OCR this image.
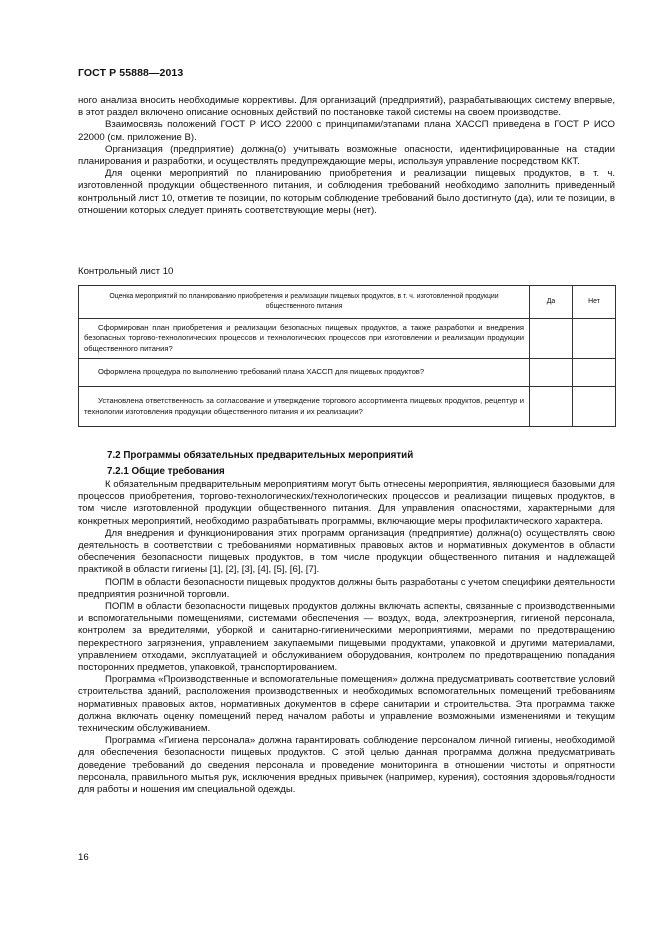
ГОСТ Р 55888—2013

ного анализа вносить необходимые коррективы. Для организаций (предприятий), разрабатывающих систему впервые, в этот раздел включено описание основных действий по постановке такой системы на своем производстве.

Взаимосвязь положений ГОСТ Р ИСО 22000 с принципами/этапами плана ХАССП приведена в ГОСТ Р ИСО 22000 (см. приложение В).

Организация (предприятие) должна(о) учитывать возможные опасности, идентифицированные на стадии планирования и разработки, и осуществлять предупреждающие меры, используя управление посредством ККТ.

Для оценки мероприятий по планированию приобретения и реализации пищевых продуктов, в т. ч. изготовленной продукции общественного питания, и соблюдения требований необходимо заполнить приведенный контрольный лист 10, отметив те позиции, по которым соблюдение требований было достигнуто (да), или те позиции, в отношении которых следует принять соответствующие меры (нет).

Контрольный лист 10
Оценка мероприятий по планированию приобретения и реализации пищевых продуктов, в т. ч. изготовленной продукции общественного питания	Да	Нет
Сформирован план приобретения и реализации безопасных пищевых продуктов, а также разработки и внедрения безопасных торгово-технологических процессов и технологических процессов при изготовлении и реализации продукции общественного питания?		
Оформлена процедура по выполнению требований плана ХАССП для пищевых продуктов?		
Установлена ответственность за согласование и утверждение торгового ассортимента пищевых продуктов, рецептур и технологии изготовления продукции общественного питания и их реализации?		
7.2 Программы обязательных предварительных мероприятий
7.2.1 Общие требования

К обязательным предварительным мероприятиям могут быть отнесены мероприятия, являющиеся базовыми для процессов приобретения, торгово-технологических/технологических процессов и реализации пищевых продуктов, в том числе изготовленной продукции общественного питания. Для управления опасностями, характерными для конкретных мероприятий, необходимо разрабатывать программы, включающие меры профилактического характера.

Для внедрения и функционирования этих программ организация (предприятие) должна(о) осуществлять свою деятельность в соответствии с требованиями нормативных правовых актов и нормативных документов в области обеспечения безопасности пищевых продуктов, в том числе продукции общественного питания и надлежащей практикой в области гигиены [1], [2], [3], [4], [5], [6], [7].

ПОПМ в области безопасности пищевых продуктов должны быть разработаны с учетом специфики деятельности предприятия розничной торговли.

ПОПМ в области безопасности пищевых продуктов должны включать аспекты, связанные с производственными и вспомогательными помещениями, системами обеспечения — воздух, вода, электроэнергия, гигиеной персонала, контролем за вредителями, уборкой и санитарно-гигиеническими мероприятиями, мерами по предотвращению перекрестного загрязнения, управлением закупаемыми пищевыми продуктами, упаковкой и другими материалами, управлением отходами, эксплуатацией и обслуживанием оборудования, контролем по предотвращению попадания посторонних предметов, упаковкой, транспортированием.

Программа «Производственные и вспомогательные помещения» должна предусматривать соответствие условий строительства зданий, расположения производственных и необходимых вспомогательных помещений требованиям нормативных правовых актов, нормативных документов в сфере санитарии и строительства. Эта программа также должна включать оценку помещений перед началом работы и управление возможными изменениями и текущим техническим обслуживанием.

Программа «Гигиена персонала» должна гарантировать соблюдение персоналом личной гигиены, необходимой для обеспечения безопасности пищевых продуктов. С этой целью данная программа должна предусматривать доведение требований до сведения персонала и проведение мониторинга в отношении чистоты и опрятности персонала, правильного мытья рук, исключения вредных привычек (например, курения), состояния здоровья/годности для работы и ношения им специальной одежды.

16
